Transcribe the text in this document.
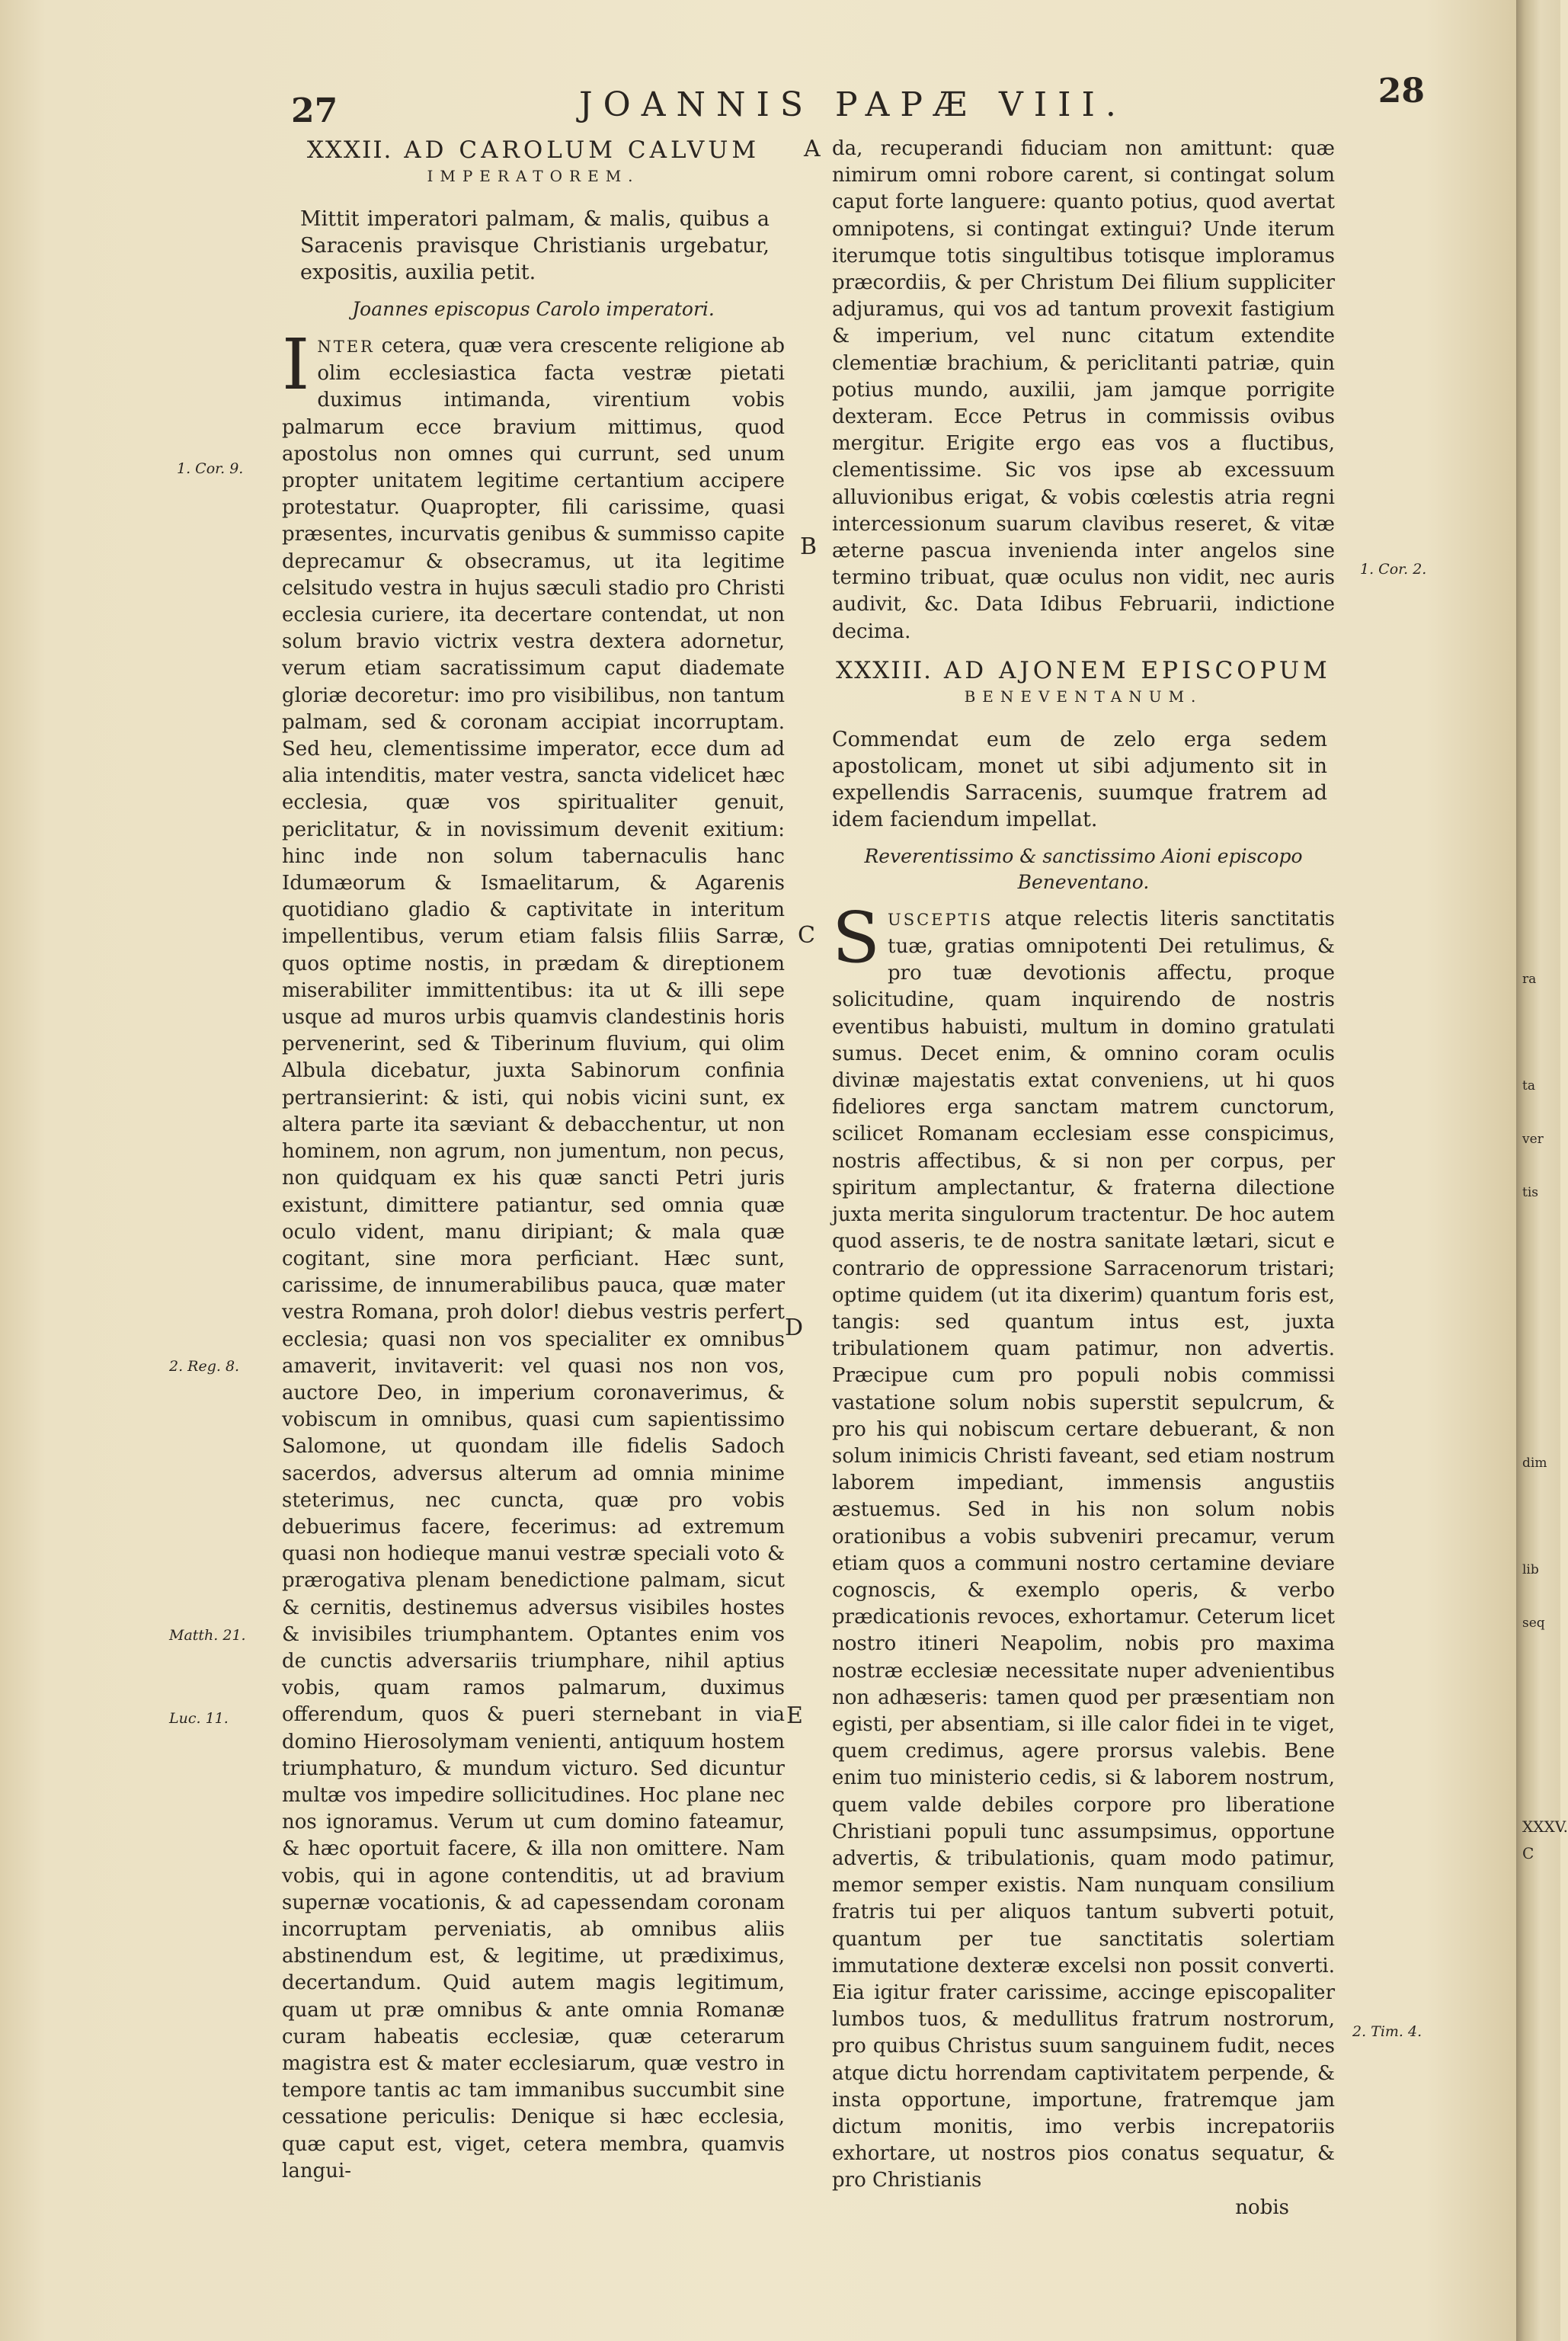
27	JOANNIS PAPÆ VIII.	28

XXXII. AD CAROLUM CALVUM

IMPERATOREM.

Mittit imperatori palmam, & malis, quibus a Saracenis pravisque Christianis urgebatur, expositis, auxilia petit.

Joannes episcopus Carolo imperatori.

INTER cetera, quæ vera crescente religione ab olim ecclesiastica facta vestræ pietati duximus intimanda, virentium vobis palmarum ecce bravium mittimus, quod apostolus non omnes qui currunt, sed unum propter unitatem legitime certantium accipere protestatur. Quapropter, fili carissime, quasi præsentes, incurvatis genibus & summisso capite deprecamur & obsecramus, ut ita legitime celsitudo vestra in hujus sæculi stadio pro Christi ecclesia curiere, ita decertare contendat, ut non solum bravio victrix vestra dextera adornetur, verum etiam sacratissimum caput diademate gloriæ decoretur: imo pro visibilibus, non tantum palmam, sed & coronam accipiat incorruptam. Sed heu, clementissime imperator, ecce dum ad alia intenditis, mater vestra, sancta videlicet hæc ecclesia, quæ vos spiritualiter genuit, periclitatur, & in novissimum devenit exitium: hinc inde non solum tabernaculis hanc Idumæorum & Ismaelitarum, & Agarenis quotidiano gladio & captivitate in interitum impellentibus, verum etiam falsis filiis Sarræ, quos optime nostis, in prædam & direptionem miserabiliter immittentibus: ita ut & illi sepe usque ad muros urbis quamvis clandestinis horis pervenerint, sed & Tiberinum fluvium, qui olim Albula dicebatur, juxta Sabinorum confinia pertransierint: & isti, qui nobis vicini sunt, ex altera parte ita sæviant & debacchentur, ut non hominem, non agrum, non jumentum, non pecus, non quidquam ex his quæ sancti Petri juris existunt, dimittere patiantur, sed omnia quæ oculo vident, manu diripiant; & mala quæ cogitant, sine mora perficiant. Hæc sunt, carissime, de innumerabilibus pauca, quæ mater vestra Romana, proh dolor! diebus vestris perfert ecclesia; quasi non vos specialiter ex omnibus amaverit, invitaverit: vel quasi nos non vos, auctore Deo, in imperium coronaverimus, & vobiscum in omnibus, quasi cum sapientissimo Salomone, ut quondam ille fidelis Sadoch sacerdos, adversus alterum ad omnia minime steterimus, nec cuncta, quæ pro vobis debuerimus facere, fecerimus: ad extremum quasi non hodieque manui vestræ speciali voto & prærogativa plenam benedictione palmam, sicut & cernitis, destinemus adversus visibiles hostes & invisibiles triumphantem. Optantes enim vos de cunctis adversariis triumphare, nihil aptius vobis, quam ramos palmarum, duximus offerendum, quos & pueri sternebant in via domino Hierosolymam venienti, antiquum hostem triumphaturo, & mundum victuro. Sed dicuntur multæ vos impedire sollicitudines. Hoc plane nec nos ignoramus. Verum ut cum domino fateamur, & hæc oportuit facere, & illa non omittere. Nam vobis, qui in agone contenditis, ut ad bravium supernæ vocationis, & ad capessendam coronam incorruptam perveniatis, ab omnibus aliis abstinendum est, & legitime, ut prædiximus, decertandum. Quid autem magis legitimum, quam ut præ omnibus & ante omnia Romanæ curam habeatis ecclesiæ, quæ ceterarum magistra est & mater ecclesiarum, quæ vestro in tempore tantis ac tam immanibus succumbit sine cessatione periculis: Denique si hæc ecclesia, quæ caput est, viget, cetera membra, quamvis langui-

da, recuperandi fiduciam non amittunt: quæ nimirum omni robore carent, si contingat solum caput forte languere: quanto potius, quod avertat omnipotens, si contingat extingui? Unde iterum iterumque totis singultibus totisque imploramus præcordiis, & per Christum Dei filium suppliciter adjuramus, qui vos ad tantum provexit fastigium & imperium, vel nunc citatum extendite clementiæ brachium, & periclitanti patriæ, quin potius mundo, auxilii, jam jamque porrigite dexteram. Ecce Petrus in commissis ovibus mergitur. Erigite ergo eas vos a fluctibus, clementissime. Sic vos ipse ab excessuum alluvionibus erigat, & vobis cœlestis atria regni intercessionum suarum clavibus reseret, & vitæ æterne pascua invenienda inter angelos sine termino tribuat, quæ oculus non vidit, nec auris audivit, &c. Data Idibus Februarii, indictione decima.

XXXIII. AD AJONEM EPISCOPUM

BENEVENTANUM.

Commendat eum de zelo erga sedem apostolicam, monet ut sibi adjumento sit in expellendis Sarracenis, suumque fratrem ad idem faciendum impellat.

Reverentissimo & sanctissimo Aioni episcopo
Beneventano.

SUSCEPTIS atque relectis literis sanctitatis tuæ, gratias omnipotenti Dei retulimus, & pro tuæ devotionis affectu, proque solicitudine, quam inquirendo de nostris eventibus habuisti, multum in domino gratulati sumus. Decet enim, & omnino coram oculis divinæ majestatis extat conveniens, ut hi quos fideliores erga sanctam matrem cunctorum, scilicet Romanam ecclesiam esse conspicimus, nostris affectibus, & si non per corpus, per spiritum amplectantur, & fraterna dilectione juxta merita singulorum tractentur. De hoc autem quod asseris, te de nostra sanitate lætari, sicut e contrario de oppressione Sarracenorum tristari; optime quidem (ut ita dixerim) quantum foris est, tangis: sed quantum intus est, juxta tribulationem quam patimur, non advertis. Præcipue cum pro populi nobis commissi vastatione solum nobis superstit sepulcrum, & pro his qui nobiscum certare debuerant, & non solum inimicis Christi faveant, sed etiam nostrum laborem impediant, immensis angustiis æstuemus. Sed in his non solum nobis orationibus a vobis subveniri precamur, verum etiam quos a communi nostro certamine deviare cognoscis, & exemplo operis, & verbo prædicationis revoces, exhortamur. Ceterum licet nostro itineri Neapolim, nobis pro maxima nostræ ecclesiæ necessitate nuper advenientibus non adhæseris: tamen quod per præsentiam non egisti, per absentiam, si ille calor fidei in te viget, quem credimus, agere prorsus valebis. Bene enim tuo ministerio cedis, si & laborem nostrum, quem valde debiles corpore pro liberatione Christiani populi tunc assumpsimus, opportune advertis, & tribulationis, quam modo patimur, memor semper existis. Nam nunquam consilium fratris tui per aliquos tantum subverti potuit, quantum per tue sanctitatis solertiam immutatione dexteræ excelsi non possit converti. Eia igitur frater carissime, accinge episcopaliter lumbos tuos, & medullitus fratrum nostrorum, pro quibus Christus suum sanguinem fudit, neces atque dictu horrendam captivitatem perpende, & insta opportune, importune, fratremque jam dictum monitis, imo verbis increpatoriis exhortare, ut nostros pios conatus sequatur, & pro Christianis

nobis

1. Cor. 9.
2. Reg. 8.
Matth. 21.
Luc. 11.
1. Cor. 2.
2. Tim. 4.
A
B
C
D
E
ra
ta
ver
tis
dim
lib
seq
XXXV.
C
